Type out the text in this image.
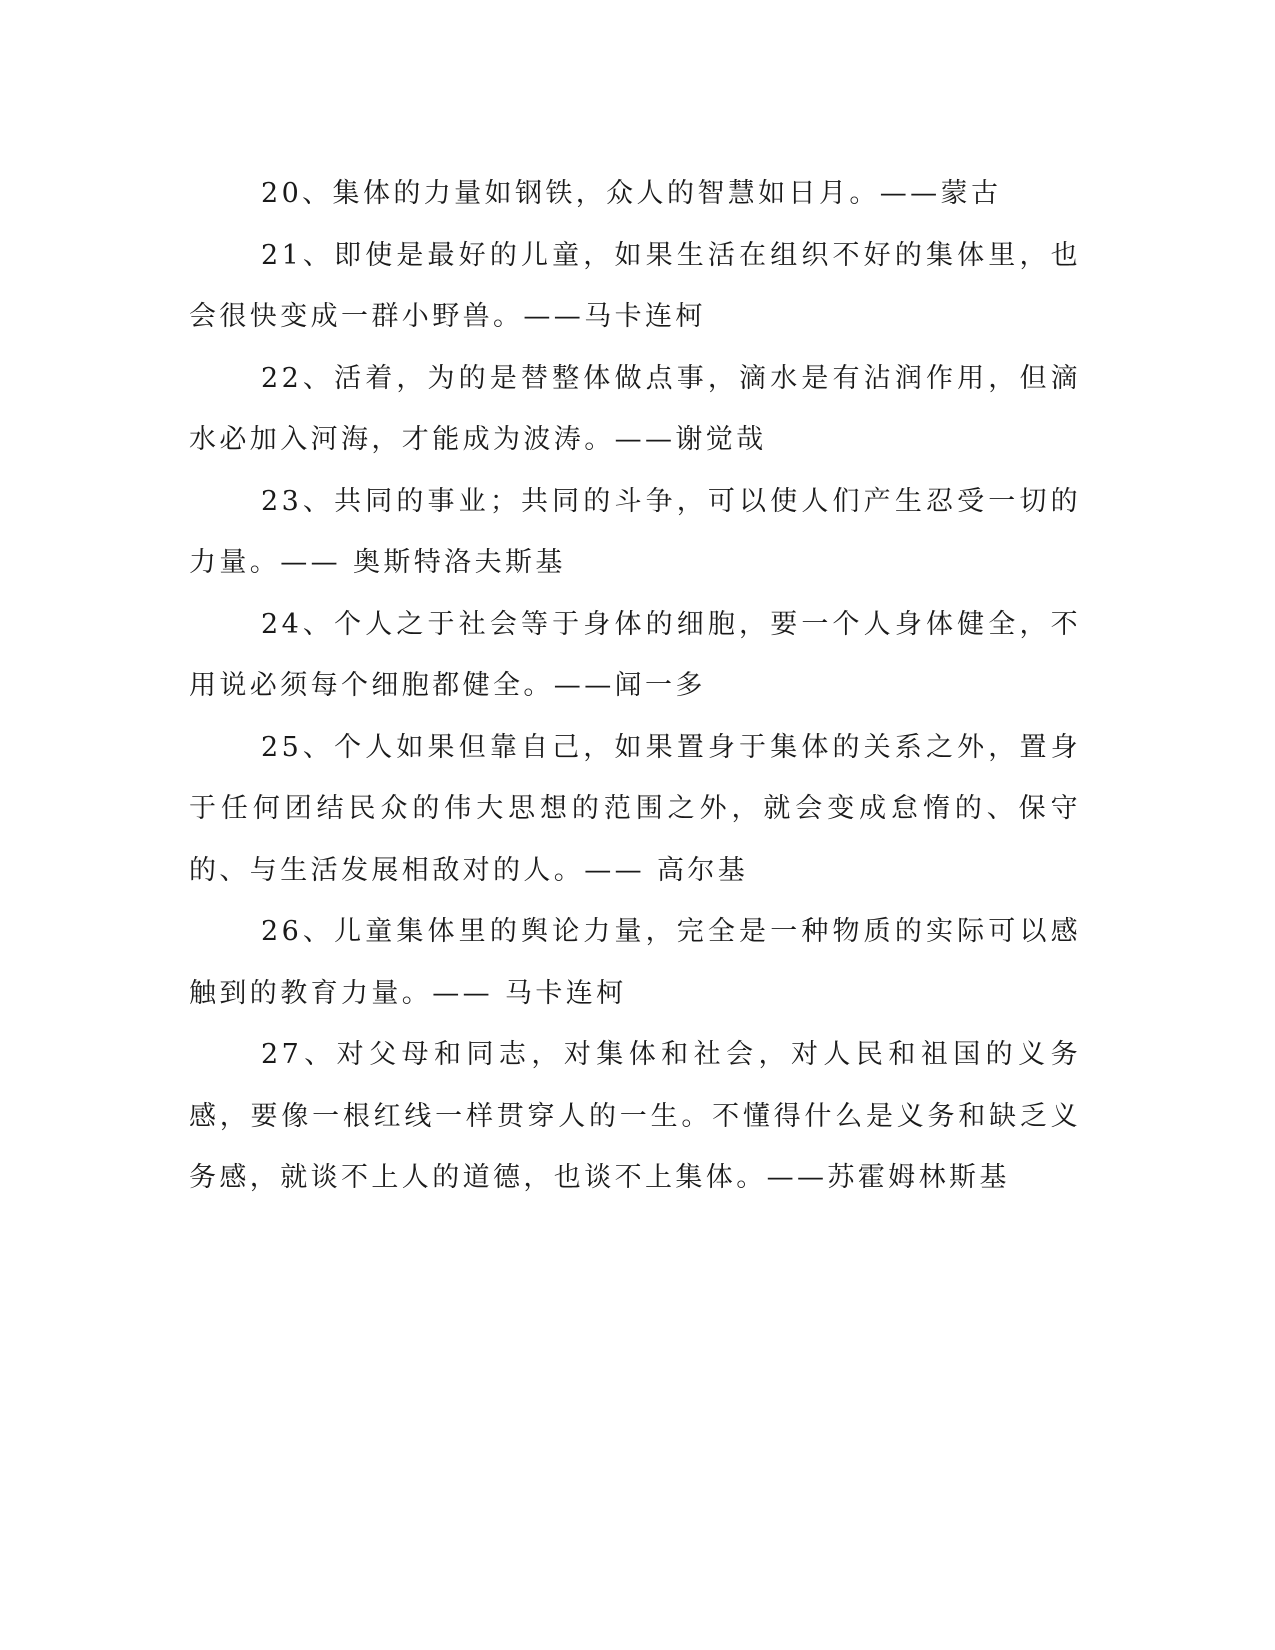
20、集体的力量如钢铁，众人的智慧如日月。——蒙古

21、即使是最好的儿童，如果生活在组织不好的集体里，也会很快变成一群小野兽。——马卡连柯

22、活着，为的是替整体做点事，滴水是有沾润作用，但滴水必加入河海，才能成为波涛。——谢觉哉

23、共同的事业；共同的斗争，可以使人们产生忍受一切的力量。—— 奥斯特洛夫斯基

24、个人之于社会等于身体的细胞，要一个人身体健全，不用说必须每个细胞都健全。——闻一多

25、个人如果但靠自己，如果置身于集体的关系之外，置身于任何团结民众的伟大思想的范围之外，就会变成怠惰的、保守的、与生活发展相敌对的人。—— 高尔基

26、儿童集体里的舆论力量，完全是一种物质的实际可以感触到的教育力量。—— 马卡连柯

27、对父母和同志，对集体和社会，对人民和祖国的义务感，要像一根红线一样贯穿人的一生。不懂得什么是义务和缺乏义务感，就谈不上人的道德，也谈不上集体。——苏霍姆林斯基
